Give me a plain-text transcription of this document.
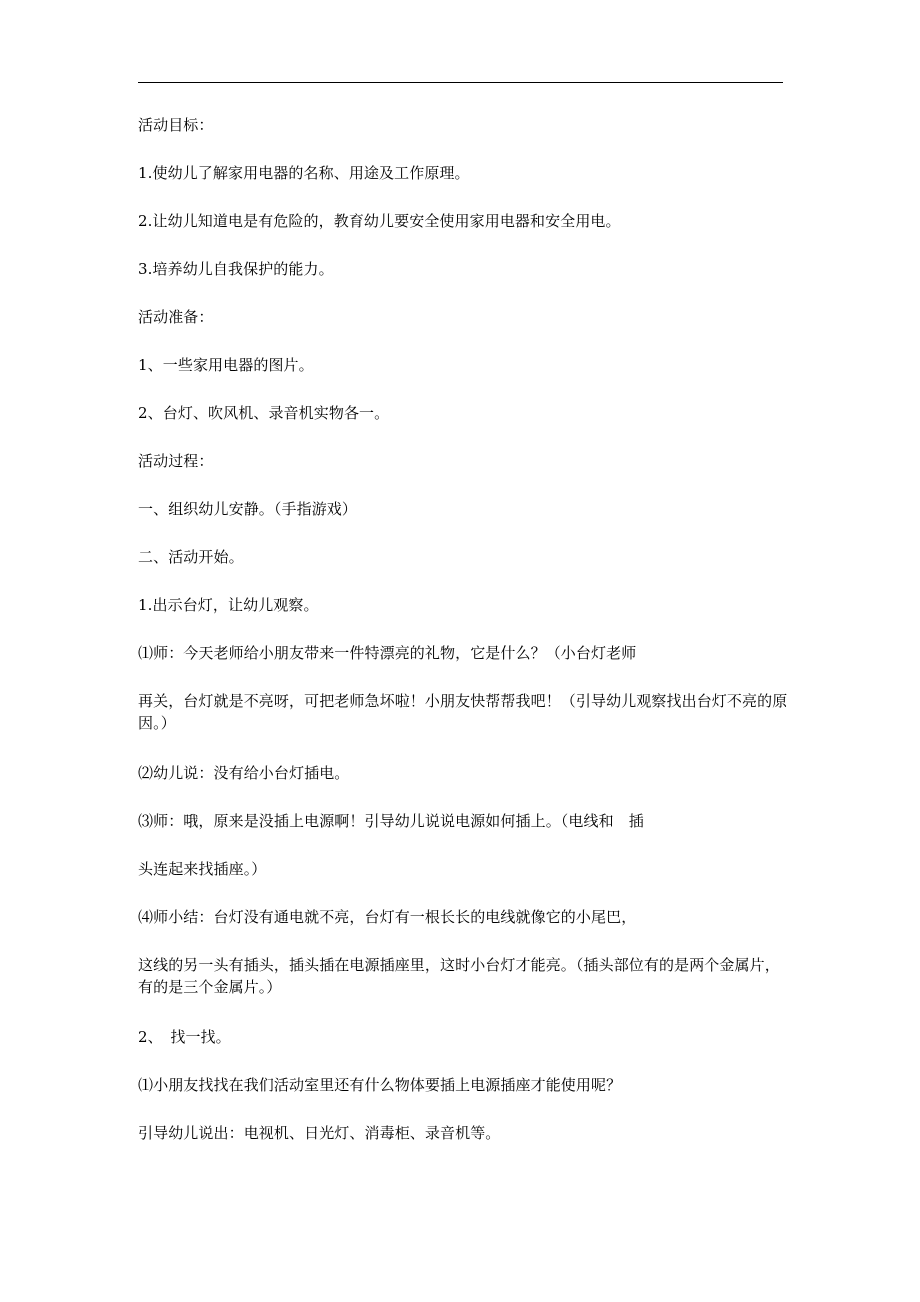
活动目标：
1.使幼儿了解家用电器的名称、用途及工作原理。
2.让幼儿知道电是有危险的，教育幼儿要安全使用家用电器和安全用电。
3.培养幼儿自我保护的能力。
活动准备：
1、一些家用电器的图片。
2、台灯、吹风机、录音机实物各一。
活动过程：
一、组织幼儿安静。（手指游戏）
二、活动开始。
1.出示台灯，让幼儿观察。
⑴师：今天老师给小朋友带来一件特漂亮的礼物，它是什么？（小台灯老师
再关，台灯就是不亮呀，可把老师急坏啦！小朋友快帮帮我吧！（引导幼儿观察找出台灯不亮的原因。）
⑵幼儿说：没有给小台灯插电。
⑶师：哦，原来是没插上电源啊！引导幼儿说说电源如何插上。（电线和　插
头连起来找插座。）
⑷师小结：台灯没有通电就不亮，台灯有一根长长的电线就像它的小尾巴，
这线的另一头有插头，插头插在电源插座里，这时小台灯才能亮。（插头部位有的是两个金属片，有的是三个金属片。）
2、　找一找。
⑴小朋友找找在我们活动室里还有什么物体要插上电源插座才能使用呢？
引导幼儿说出：电视机、日光灯、消毒柜、录音机等。
